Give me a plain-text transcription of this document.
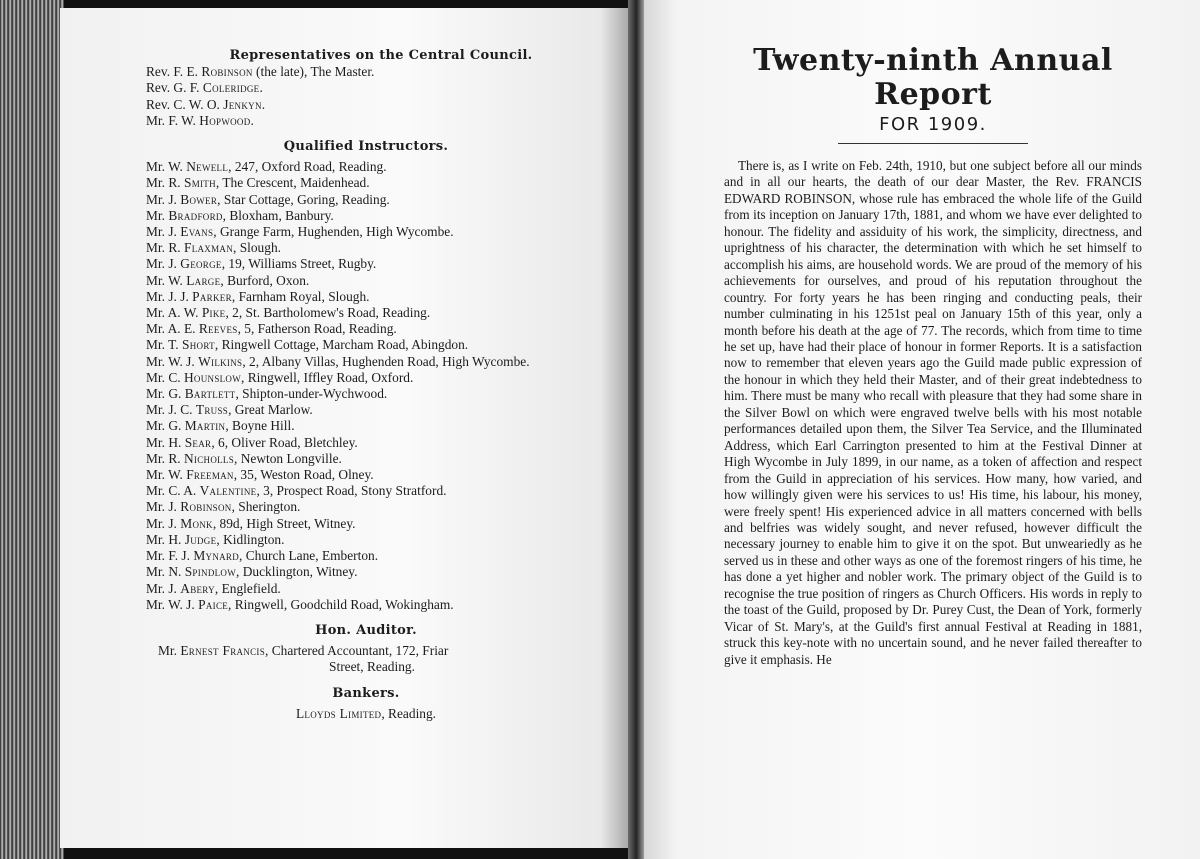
Representatives on the Central Council.

Rev. F. E. Robinson (the late), The Master.

Rev. G. F. Coleridge.

Rev. C. W. O. Jenkyn.

Mr. F. W. Hopwood.

Qualified Instructors.

Mr. W. Newell, 247, Oxford Road, Reading.

Mr. R. Smith, The Crescent, Maidenhead.

Mr. J. Bower, Star Cottage, Goring, Reading.

Mr. Bradford, Bloxham, Banbury.

Mr. J. Evans, Grange Farm, Hughenden, High Wycombe.

Mr. R. Flaxman, Slough.

Mr. J. George, 19, Williams Street, Rugby.

Mr. W. Large, Burford, Oxon.

Mr. J. J. Parker, Farnham Royal, Slough.

Mr. A. W. Pike, 2, St. Bartholomew's Road, Reading.

Mr. A. E. Reeves, 5, Fatherson Road, Reading.

Mr. T. Short, Ringwell Cottage, Marcham Road, Abingdon.

Mr. W. J. Wilkins, 2, Albany Villas, Hughenden Road, High Wycombe.

Mr. C. Hounslow, Ringwell, Iffley Road, Oxford.

Mr. G. Bartlett, Shipton-under-Wychwood.

Mr. J. C. Truss, Great Marlow.

Mr. G. Martin, Boyne Hill.

Mr. H. Sear, 6, Oliver Road, Bletchley.

Mr. R. Nicholls, Newton Longville.

Mr. W. Freeman, 35, Weston Road, Olney.

Mr. C. A. Valentine, 3, Prospect Road, Stony Stratford.

Mr. J. Robinson, Sherington.

Mr. J. Monk, 89d, High Street, Witney.

Mr. H. Judge, Kidlington.

Mr. F. J. Mynard, Church Lane, Emberton.

Mr. N. Spindlow, Ducklington, Witney.

Mr. J. Abery, Englefield.

Mr. W. J. Paice, Ringwell, Goodchild Road, Wokingham.

Hon. Auditor.

Mr. Ernest Francis, Chartered Accountant, 172, Friar
Street, Reading.

Bankers.

Lloyds Limited, Reading.

Twenty-ninth Annual Report

FOR 1909.

There is, as I write on Feb. 24th, 1910, but one subject before all our minds and in all our hearts, the death of our dear Master, the Rev. FRANCIS EDWARD ROBINSON, whose rule has embraced the whole life of the Guild from its inception on January 17th, 1881, and whom we have ever delighted to honour. The fidelity and assiduity of his work, the simplicity, directness, and uprightness of his character, the determination with which he set himself to accomplish his aims, are household words. We are proud of the memory of his achievements for ourselves, and proud of his reputation throughout the country. For forty years he has been ringing and conducting peals, their number culminating in his 1251st peal on January 15th of this year, only a month before his death at the age of 77. The records, which from time to time he set up, have had their place of honour in former Reports. It is a satisfaction now to remember that eleven years ago the Guild made public expression of the honour in which they held their Master, and of their great indebtedness to him. There must be many who recall with pleasure that they had some share in the Silver Bowl on which were engraved twelve bells with his most notable performances detailed upon them, the Silver Tea Service, and the Illuminated Address, which Earl Carrington presented to him at the Festival Dinner at High Wycombe in July 1899, in our name, as a token of affection and respect from the Guild in appreciation of his services. How many, how varied, and how willingly given were his services to us! His time, his labour, his money, were freely spent! His experienced advice in all matters concerned with bells and belfries was widely sought, and never refused, however difficult the necessary journey to enable him to give it on the spot. But unweariedly as he served us in these and other ways as one of the foremost ringers of his time, he has done a yet higher and nobler work. The primary object of the Guild is to recognise the true position of ringers as Church Officers. His words in reply to the toast of the Guild, proposed by Dr. Purey Cust, the Dean of York, formerly Vicar of St. Mary's, at the Guild's first annual Festival at Reading in 1881, struck this key-note with no uncertain sound, and he never failed thereafter to give it emphasis. He
